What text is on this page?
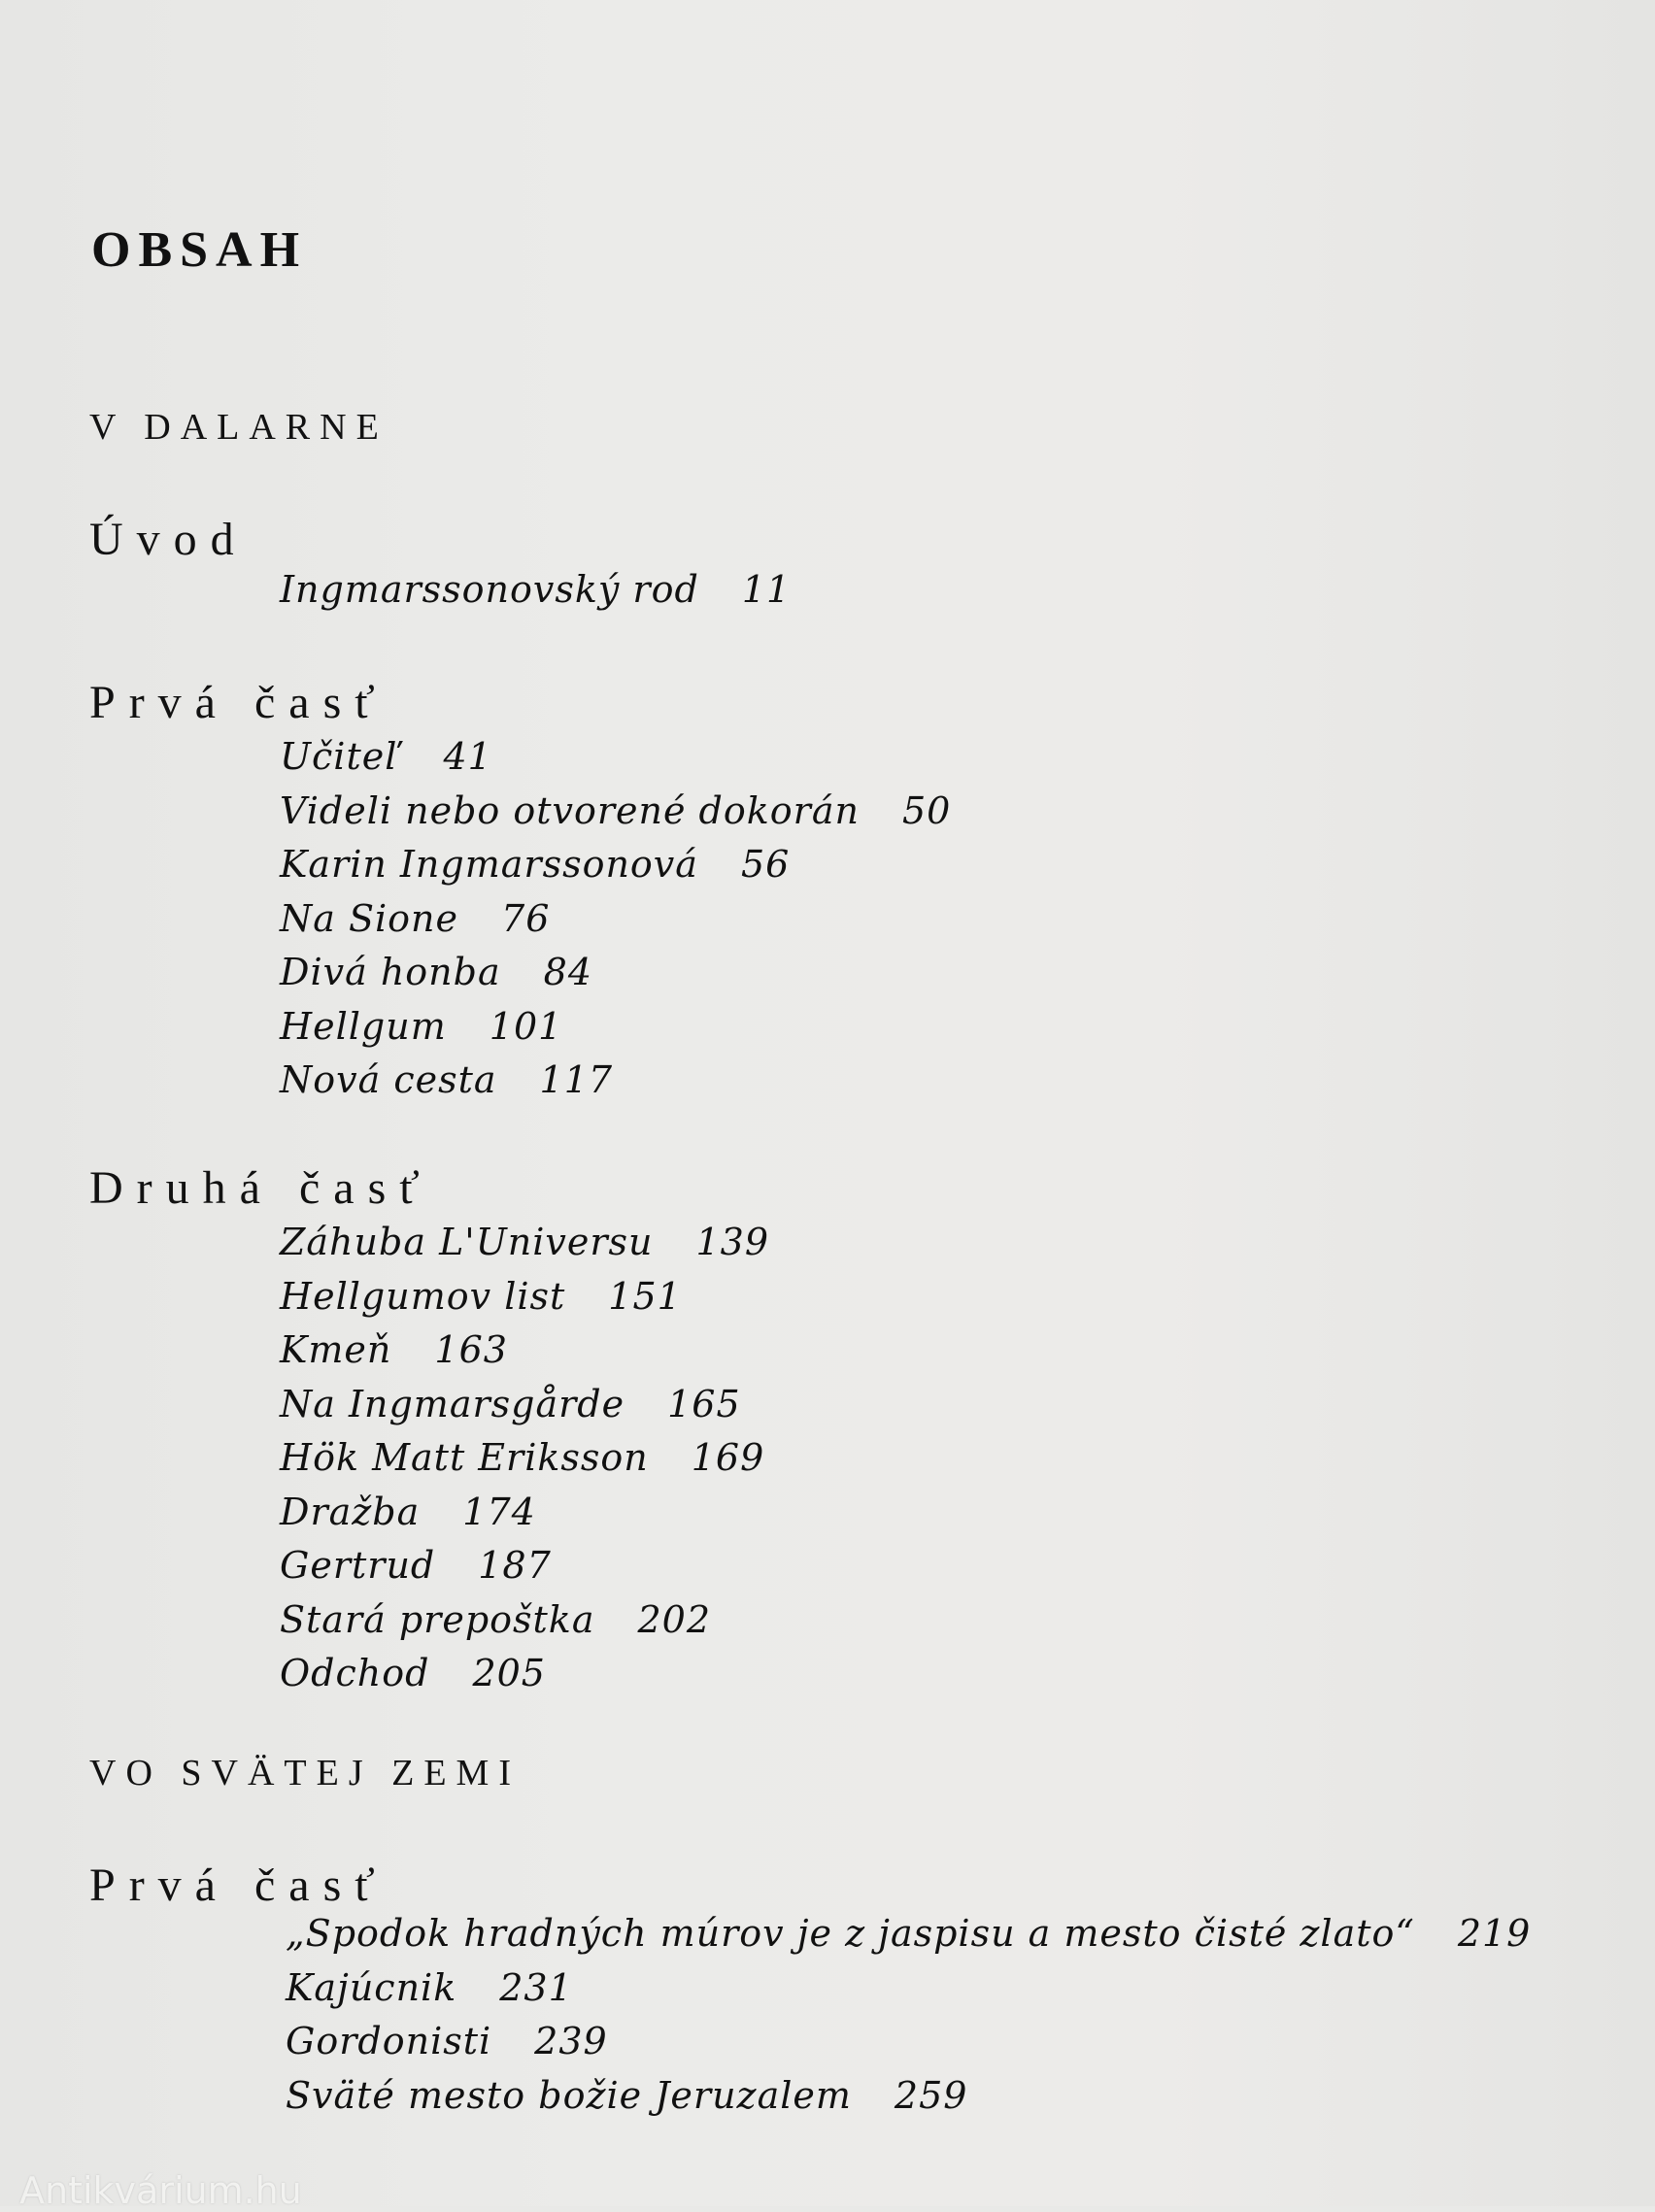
OBSAH
V DALARNE
Úvod
Ingmarssonovský rod 11
Prvá časť
Učiteľ 41
Videli nebo otvorené dokorán 50
Karin Ingmarssonová 56
Na Sione 76
Divá honba 84
Hellgum 101
Nová cesta 117
Druhá časť
Záhuba L'Universu 139
Hellgumov list 151
Kmeň 163
Na Ingmarsgårde 165
Hök Matt Eriksson 169
Dražba 174
Gertrud 187
Stará prepoštka 202
Odchod 205
VO SVÄTEJ ZEMI
Prvá časť
„Spodok hradných múrov je z jaspisu a mesto čisté zlato“ 219
Kajúcnik 231
Gordonisti 239
Sväté mesto božie Jeruzalem 259
Antikvárium.hu
